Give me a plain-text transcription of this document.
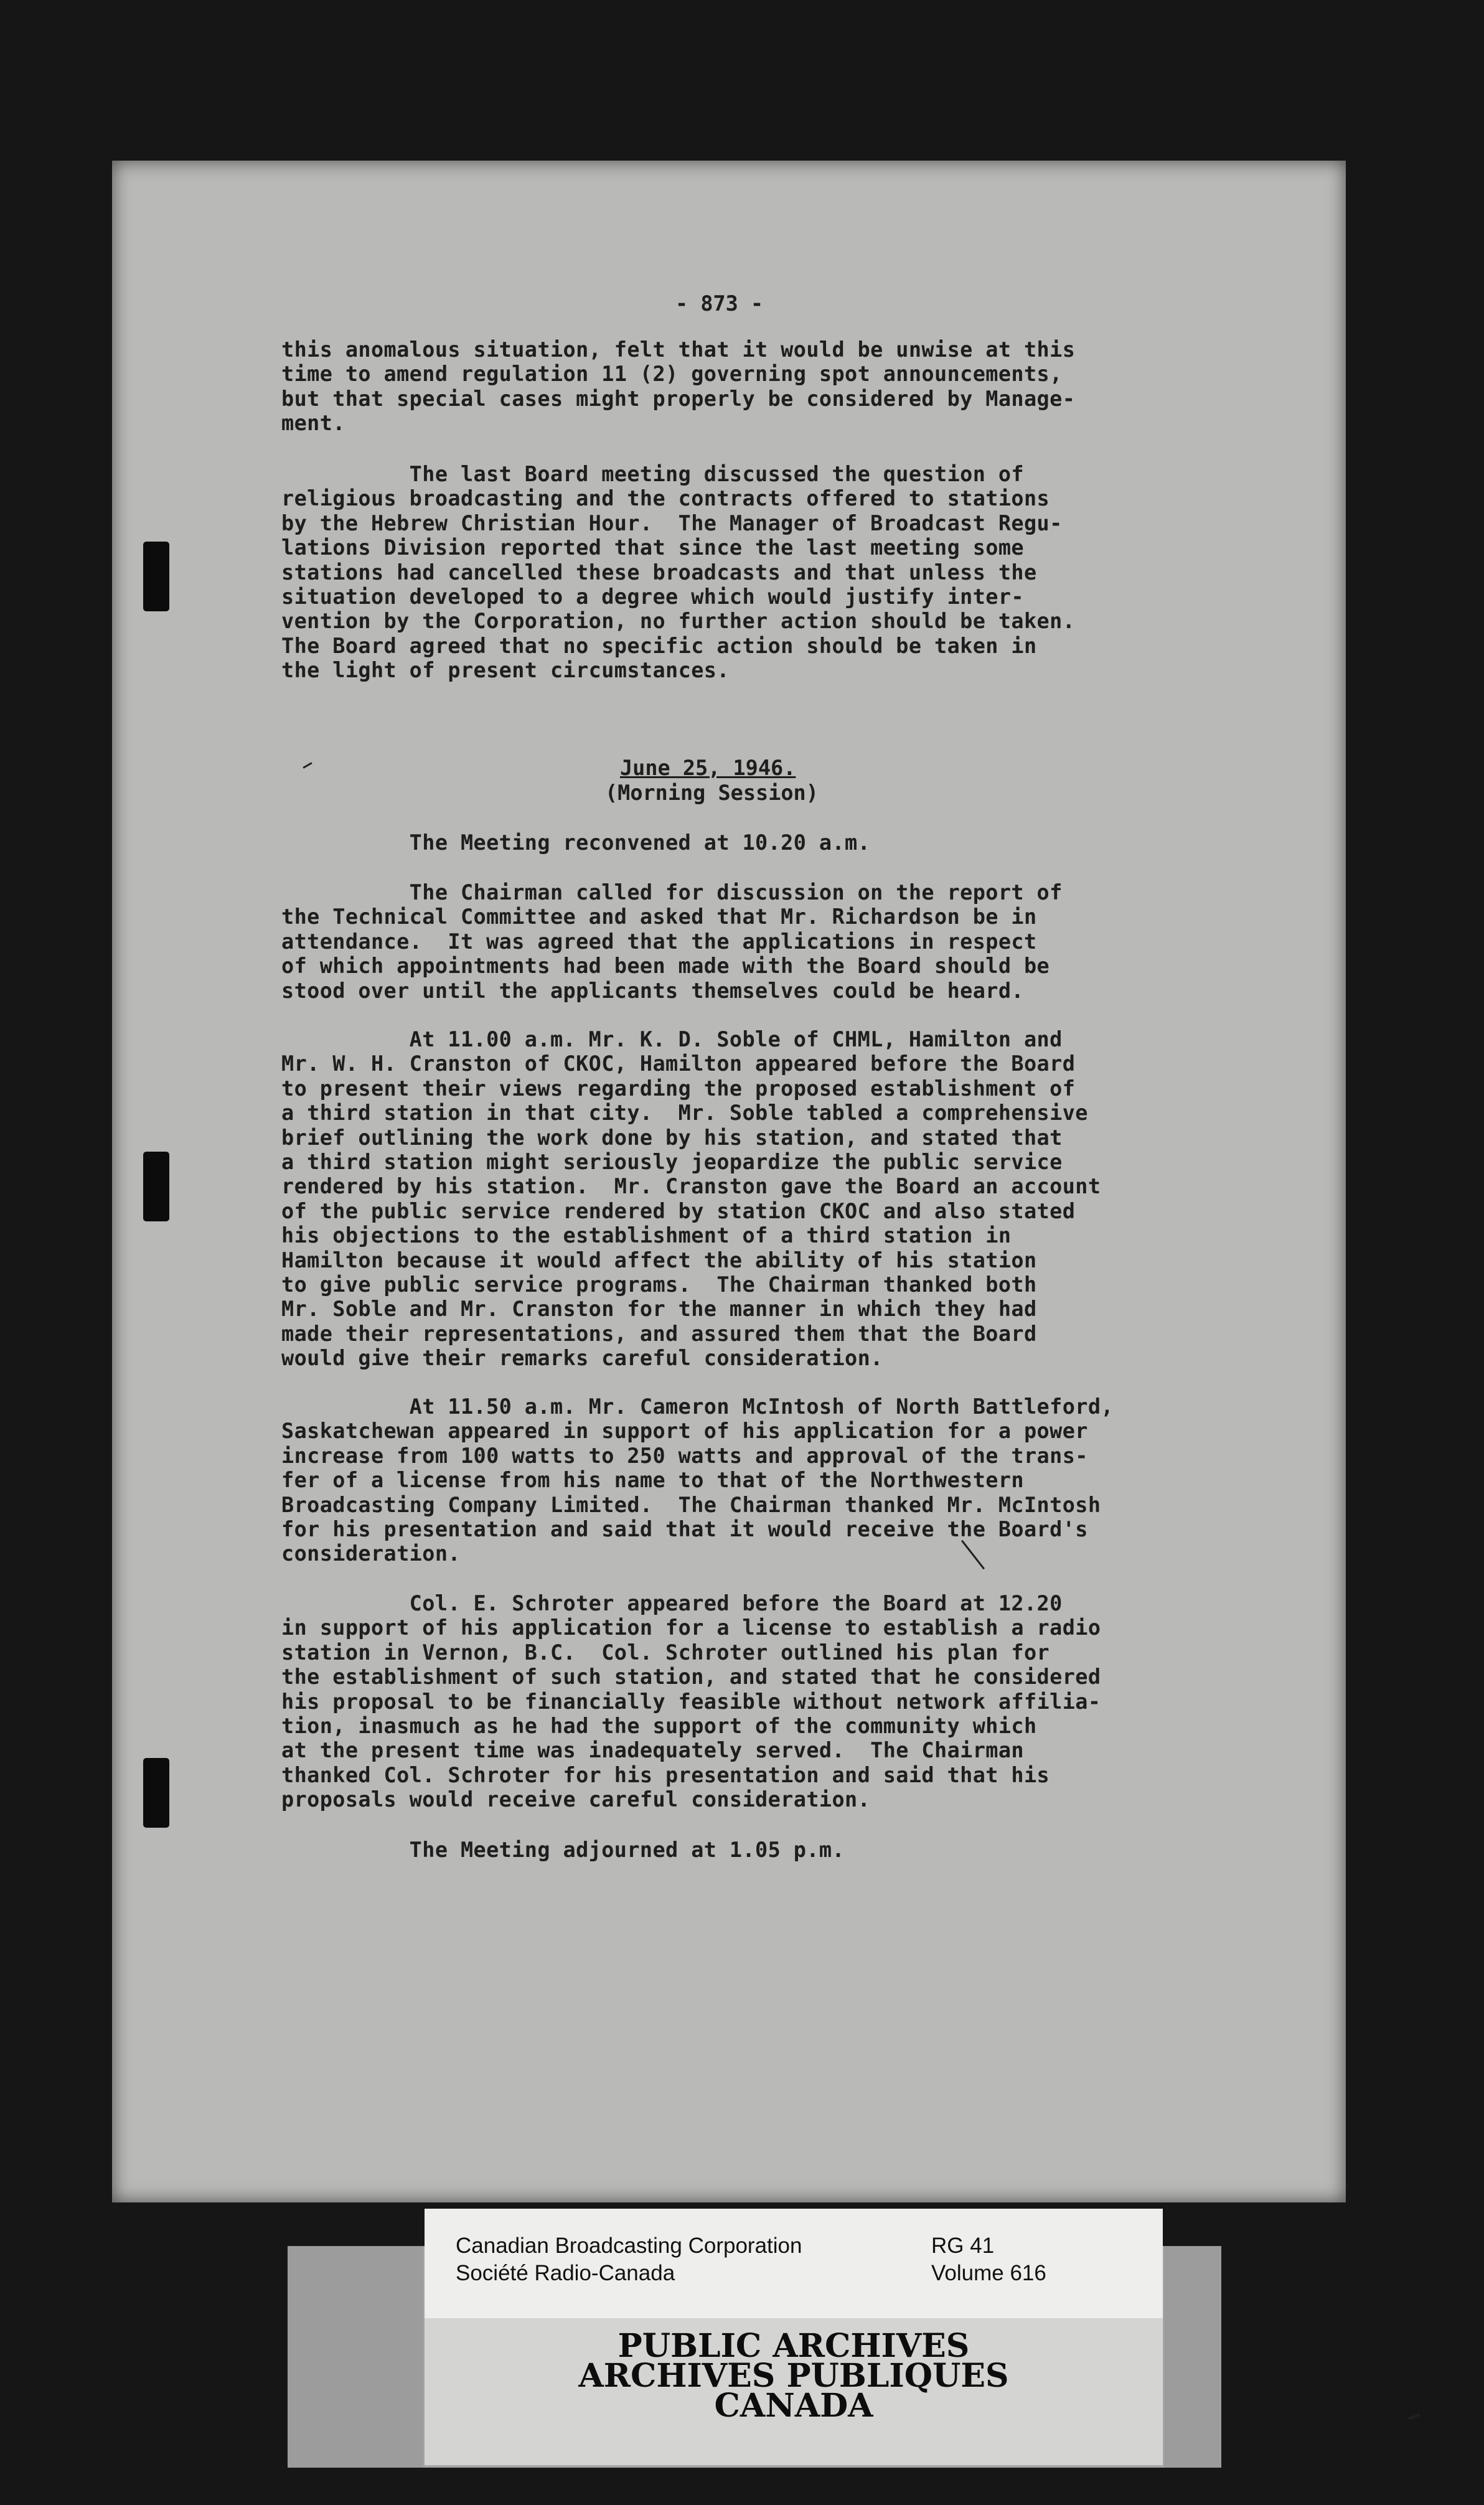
- 873 -
this anomalous situation, felt that it would be unwise at this
time to amend regulation 11 (2) governing spot announcements,
but that special cases might properly be considered by Manage-
ment.
The last Board meeting discussed the question of
religious broadcasting and the contracts offered to stations
by the Hebrew Christian Hour.  The Manager of Broadcast Regu-
lations Division reported that since the last meeting some
stations had cancelled these broadcasts and that unless the
situation developed to a degree which would justify inter-
vention by the Corporation, no further action should be taken.
The Board agreed that no specific action should be taken in
the light of present circumstances.
June 25, 1946.
(Morning Session)
The Meeting reconvened at 10.20 a.m.
The Chairman called for discussion on the report of
the Technical Committee and asked that Mr. Richardson be in
attendance.  It was agreed that the applications in respect
of which appointments had been made with the Board should be
stood over until the applicants themselves could be heard.
At 11.00 a.m. Mr. K. D. Soble of CHML, Hamilton and
Mr. W. H. Cranston of CKOC, Hamilton appeared before the Board
to present their views regarding the proposed establishment of
a third station in that city.  Mr. Soble tabled a comprehensive
brief outlining the work done by his station, and stated that
a third station might seriously jeopardize the public service
rendered by his station.  Mr. Cranston gave the Board an account
of the public service rendered by station CKOC and also stated
his objections to the establishment of a third station in
Hamilton because it would affect the ability of his station
to give public service programs.  The Chairman thanked both
Mr. Soble and Mr. Cranston for the manner in which they had
made their representations, and assured them that the Board
would give their remarks careful consideration.
At 11.50 a.m. Mr. Cameron McIntosh of North Battleford,
Saskatchewan appeared in support of his application for a power
increase from 100 watts to 250 watts and approval of the trans-
fer of a license from his name to that of the Northwestern
Broadcasting Company Limited.  The Chairman thanked Mr. McIntosh
for his presentation and said that it would receive the Board's
consideration.
Col. E. Schroter appeared before the Board at 12.20
in support of his application for a license to establish a radio
station in Vernon, B.C.  Col. Schroter outlined his plan for
the establishment of such station, and stated that he considered
his proposal to be financially feasible without network affilia-
tion, inasmuch as he had the support of the community which
at the present time was inadequately served.  The Chairman
thanked Col. Schroter for his presentation and said that his
proposals would receive careful consideration.
The Meeting adjourned at 1.05 p.m.
Canadian Broadcasting Corporation
Société Radio-Canada
RG 41
Volume 616
PUBLIC ARCHIVES
ARCHIVES PUBLIQUES
CANADA
